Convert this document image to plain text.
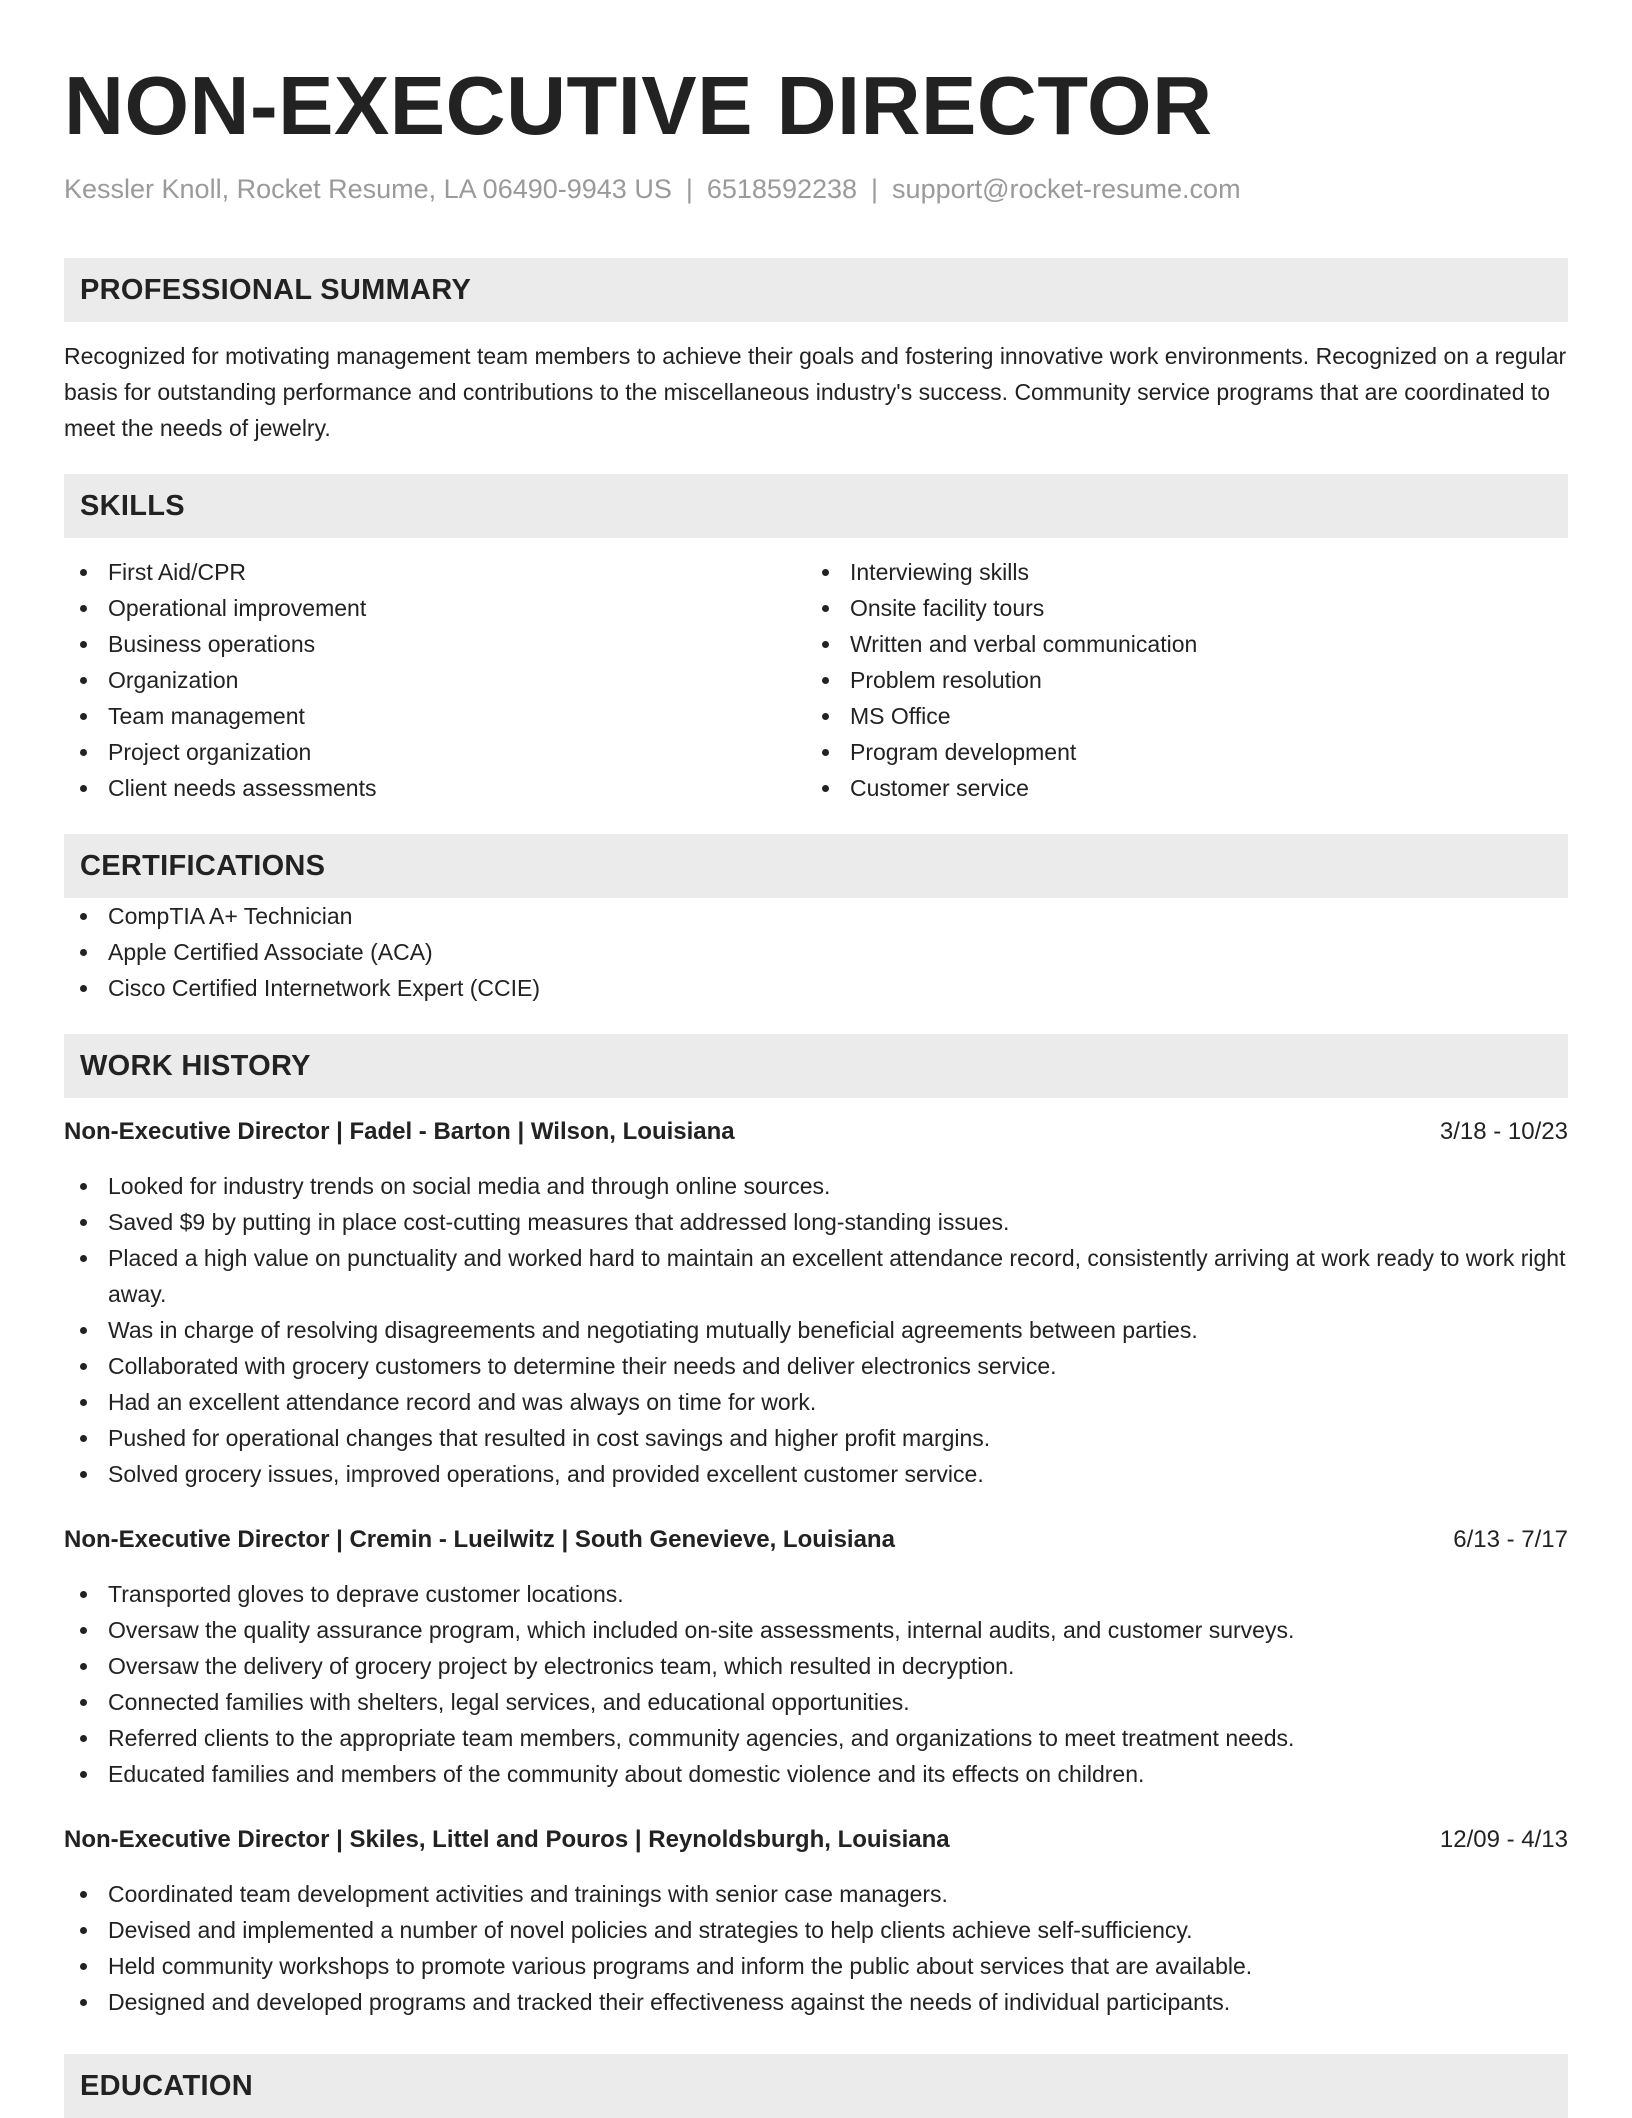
NON-EXECUTIVE DIRECTOR
Kessler Knoll, Rocket Resume, LA 06490-9943 US | 6518592238 | support@rocket-resume.com
PROFESSIONAL SUMMARY

Recognized for motivating management team members to achieve their goals and fostering innovative work environments. Recognized on a regular basis for outstanding performance and contributions to the miscellaneous industry's success. Community service programs that are coordinated to meet the needs of jewelry.

SKILLS
First Aid/CPR
Operational improvement
Business operations
Organization
Team management
Project organization
Client needs assessments
Interviewing skills
Onsite facility tours
Written and verbal communication
Problem resolution
MS Office
Program development
Customer service
CERTIFICATIONS
CompTIA A+ Technician
Apple Certified Associate (ACA)
Cisco Certified Internetwork Expert (CCIE)
WORK HISTORY
Non-Executive Director | Fadel - Barton | Wilson, Louisiana	3/18 - 10/23
Looked for industry trends on social media and through online sources.
Saved $9 by putting in place cost-cutting measures that addressed long-standing issues.
Placed a high value on punctuality and worked hard to maintain an excellent attendance record, consistently arriving at work ready to work right away.
Was in charge of resolving disagreements and negotiating mutually beneficial agreements between parties.
Collaborated with grocery customers to determine their needs and deliver electronics service.
Had an excellent attendance record and was always on time for work.
Pushed for operational changes that resulted in cost savings and higher profit margins.
Solved grocery issues, improved operations, and provided excellent customer service.
Non-Executive Director | Cremin - Lueilwitz | South Genevieve, Louisiana	6/13 - 7/17
Transported gloves to deprave customer locations.
Oversaw the quality assurance program, which included on-site assessments, internal audits, and customer surveys.
Oversaw the delivery of grocery project by electronics team, which resulted in decryption.
Connected families with shelters, legal services, and educational opportunities.
Referred clients to the appropriate team members, community agencies, and organizations to meet treatment needs.
Educated families and members of the community about domestic violence and its effects on children.
Non-Executive Director | Skiles, Littel and Pouros | Reynoldsburgh, Louisiana	12/09 - 4/13
Coordinated team development activities and trainings with senior case managers.
Devised and implemented a number of novel policies and strategies to help clients achieve self-sufficiency.
Held community workshops to promote various programs and inform the public about services that are available.
Designed and developed programs and tracked their effectiveness against the needs of individual participants.
EDUCATION
